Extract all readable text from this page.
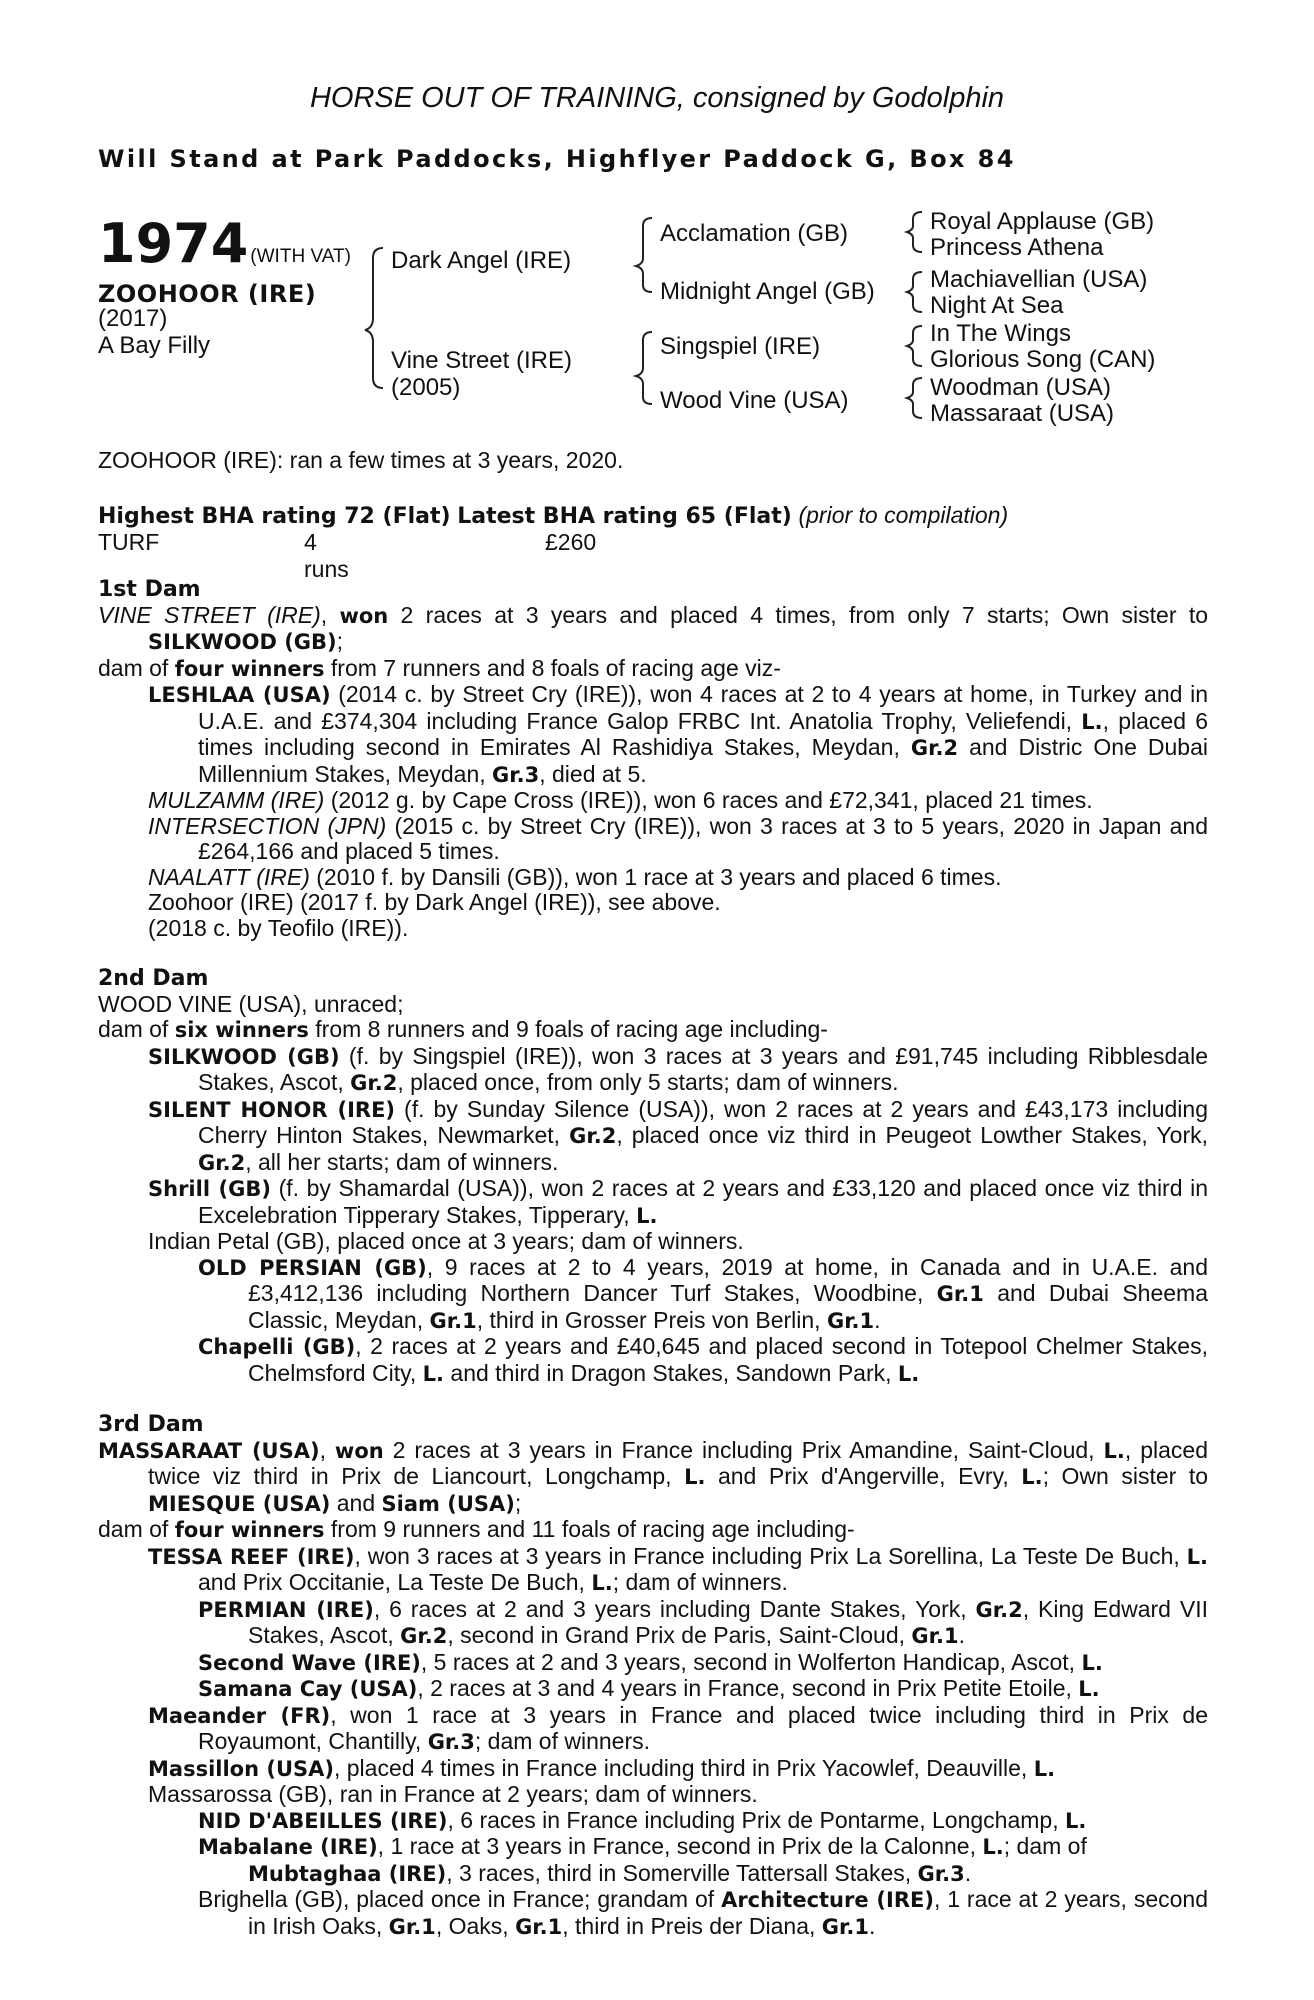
HORSE OUT OF TRAINING, consigned by Godolphin
Will Stand at Park Paddocks, Highflyer Paddock G, Box 84
1974 (WITH VAT)
ZOOHOOR (IRE)
(2017)
A Bay Filly
Dark Angel (IRE)
Vine Street (IRE)
(2005)
Acclamation (GB)
Midnight Angel (GB)
Singspiel (IRE)
Wood Vine (USA)
Royal Applause (GB)
Princess Athena
Machiavellian (USA)
Night At Sea
In The Wings
Glorious Song (CAN)
Woodman (USA)
Massaraat (USA)
ZOOHOOR (IRE): ran a few times at 3 years, 2020.
Highest BHA rating 72 (Flat) Latest BHA rating 65 (Flat) (prior to compilation)
TURF	4 runs
£260

1st Dam

VINE STREET (IRE), won 2 races at 3 years and placed 4 times, from only 7 starts; Own sister to SILKWOOD (GB);

dam of four winners from 7 runners and 8 foals of racing age viz-

LESHLAA (USA) (2014 c. by Street Cry (IRE)), won 4 races at 2 to 4 years at home, in Turkey and in U.A.E. and £374,304 including France Galop FRBC Int. Anatolia Trophy, Veliefendi, L., placed 6 times including second in Emirates Al Rashidiya Stakes, Meydan, Gr.2 and Distric One Dubai Millennium Stakes, Meydan, Gr.3, died at 5.

MULZAMM (IRE) (2012 g. by Cape Cross (IRE)), won 6 races and £72,341, placed 21 times.

INTERSECTION (JPN) (2015 c. by Street Cry (IRE)), won 3 races at 3 to 5 years, 2020 in Japan and £264,166 and placed 5 times.

NAALATT (IRE) (2010 f. by Dansili (GB)), won 1 race at 3 years and placed 6 times.

Zoohoor (IRE) (2017 f. by Dark Angel (IRE)), see above.

(2018 c. by Teofilo (IRE)).

2nd Dam

WOOD VINE (USA), unraced;

dam of six winners from 8 runners and 9 foals of racing age including-

SILKWOOD (GB) (f. by Singspiel (IRE)), won 3 races at 3 years and £91,745 including Ribblesdale Stakes, Ascot, Gr.2, placed once, from only 5 starts; dam of winners.

SILENT HONOR (IRE) (f. by Sunday Silence (USA)), won 2 races at 2 years and £43,173 including Cherry Hinton Stakes, Newmarket, Gr.2, placed once viz third in Peugeot Lowther Stakes, York, Gr.2, all her starts; dam of winners.

Shrill (GB) (f. by Shamardal (USA)), won 2 races at 2 years and £33,120 and placed once viz third in Excelebration Tipperary Stakes, Tipperary, L.

Indian Petal (GB), placed once at 3 years; dam of winners.

OLD PERSIAN (GB), 9 races at 2 to 4 years, 2019 at home, in Canada and in U.A.E. and £3,412,136 including Northern Dancer Turf Stakes, Woodbine, Gr.1 and Dubai Sheema Classic, Meydan, Gr.1, third in Grosser Preis von Berlin, Gr.1.

Chapelli (GB), 2 races at 2 years and £40,645 and placed second in Totepool Chelmer Stakes, Chelmsford City, L. and third in Dragon Stakes, Sandown Park, L.

3rd Dam

MASSARAAT (USA), won 2 races at 3 years in France including Prix Amandine, Saint-Cloud, L., placed twice viz third in Prix de Liancourt, Longchamp, L. and Prix d'Angerville, Evry, L.; Own sister to MIESQUE (USA) and Siam (USA);

dam of four winners from 9 runners and 11 foals of racing age including-

TESSA REEF (IRE), won 3 races at 3 years in France including Prix La Sorellina, La Teste De Buch, L. and Prix Occitanie, La Teste De Buch, L.; dam of winners.

PERMIAN (IRE), 6 races at 2 and 3 years including Dante Stakes, York, Gr.2, King Edward VII Stakes, Ascot, Gr.2, second in Grand Prix de Paris, Saint-Cloud, Gr.1.

Second Wave (IRE), 5 races at 2 and 3 years, second in Wolferton Handicap, Ascot, L.

Samana Cay (USA), 2 races at 3 and 4 years in France, second in Prix Petite Etoile, L.

Maeander (FR), won 1 race at 3 years in France and placed twice including third in Prix de Royaumont, Chantilly, Gr.3; dam of winners.

Massillon (USA), placed 4 times in France including third in Prix Yacowlef, Deauville, L.

Massarossa (GB), ran in France at 2 years; dam of winners.

NID D'ABEILLES (IRE), 6 races in France including Prix de Pontarme, Longchamp, L.

Mabalane (IRE), 1 race at 3 years in France, second in Prix de la Calonne, L.; dam of

Mubtaghaa (IRE), 3 races, third in Somerville Tattersall Stakes, Gr.3.

Brighella (GB), placed once in France; grandam of Architecture (IRE), 1 race at 2 years, second in Irish Oaks, Gr.1, Oaks, Gr.1, third in Preis der Diana, Gr.1.
